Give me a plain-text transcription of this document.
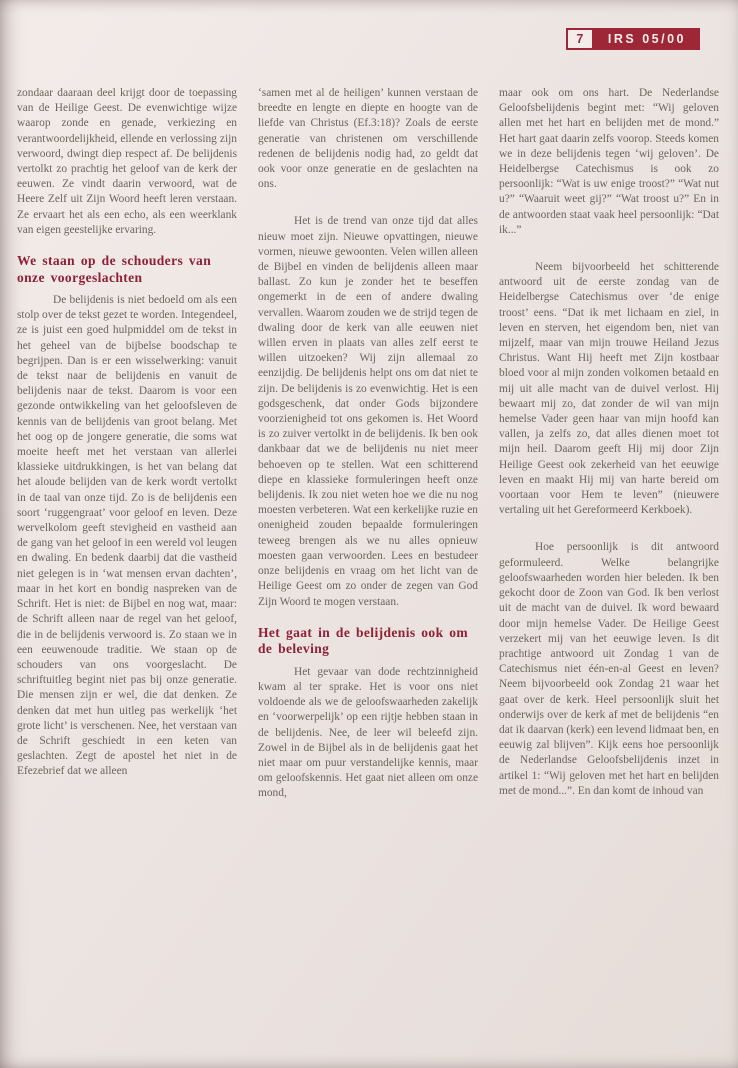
7	IRS 05/00

zondaar daaraan deel krijgt door de toepassing van de Heilige Geest. De evenwichtige wijze waarop zonde en genade, verkiezing en verantwoordelijkheid, ellende en verlossing zijn verwoord, dwingt diep respect af. De belijdenis vertolkt zo prachtig het geloof van de kerk der eeuwen. Ze vindt daarin verwoord, wat de Heere Zelf uit Zijn Woord heeft leren verstaan. Ze ervaart het als een echo, als een weerklank van eigen geestelijke ervaring.

We staan op de schouders van onze voorgeslachten

De belijdenis is niet bedoeld om als een stolp over de tekst gezet te worden. Integendeel, ze is juist een goed hulpmiddel om de tekst in het geheel van de bijbelse boodschap te begrijpen. Dan is er een wisselwerking: vanuit de tekst naar de belijdenis en vanuit de belijdenis naar de tekst. Daarom is voor een gezonde ontwikkeling van het geloofsleven de kennis van de belijdenis van groot belang. Met het oog op de jongere generatie, die soms wat moeite heeft met het verstaan van allerlei klassieke uitdrukkingen, is het van belang dat het aloude belijden van de kerk wordt vertolkt in de taal van onze tijd. Zo is de belijdenis een soort ‘ruggengraat’ voor geloof en leven. Deze wervelkolom geeft stevigheid en vastheid aan de gang van het geloof in een wereld vol leugen en dwaling. En bedenk daarbij dat die vastheid niet gelegen is in ‘wat mensen ervan dachten’, maar in het kort en bondig naspreken van de Schrift. Het is niet: de Bijbel en nog wat, maar: de Schrift alleen naar de regel van het geloof, die in de belijdenis verwoord is. Zo staan we in een eeuwenoude traditie. We staan op de schouders van ons voorgeslacht. De schriftuitleg begint niet pas bij onze generatie. Die mensen zijn er wel, die dat denken. Ze denken dat met hun uitleg pas werkelijk ‘het grote licht’ is verschenen. Nee, het verstaan van de Schrift geschiedt in een keten van geslachten. Zegt de apostel het niet in de Efezebrief dat we alleen

‘samen met al de heiligen’ kunnen verstaan de breedte en lengte en diepte en hoogte van de liefde van Christus (Ef.3:18)? Zoals de eerste generatie van christenen om verschillende redenen de belijdenis nodig had, zo geldt dat ook voor onze generatie en de geslachten na ons.

Het is de trend van onze tijd dat alles nieuw moet zijn. Nieuwe opvattingen, nieuwe vormen, nieuwe gewoonten. Velen willen alleen de Bijbel en vinden de belijdenis alleen maar ballast. Zo kun je zonder het te beseffen ongemerkt in de een of andere dwaling vervallen. Waarom zouden we de strijd tegen de dwaling door de kerk van alle eeuwen niet willen erven in plaats van alles zelf eerst te willen uitzoeken? Wij zijn allemaal zo eenzijdig. De belijdenis helpt ons om dat niet te zijn. De belijdenis is zo evenwichtig. Het is een godsgeschenk, dat onder Gods bijzondere voorzienigheid tot ons gekomen is. Het Woord is zo zuiver vertolkt in de belijdenis. Ik ben ook dankbaar dat we de belijdenis nu niet meer behoeven op te stellen. Wat een schitterend diepe en klassieke formuleringen heeft onze belijdenis. Ik zou niet weten hoe we die nu nog moesten verbeteren. Wat een kerkelijke ruzie en onenigheid zouden bepaalde formuleringen teweeg brengen als we nu alles opnieuw moesten gaan verwoorden. Lees en bestudeer onze belijdenis en vraag om het licht van de Heilige Geest om zo onder de zegen van God Zijn Woord te mogen verstaan.

Het gaat in de belijdenis ook om de beleving

Het gevaar van dode rechtzinnigheid kwam al ter sprake. Het is voor ons niet voldoende als we de geloofswaarheden zakelijk en ‘voorwerpelijk’ op een rijtje hebben staan in de belijdenis. Nee, de leer wil beleefd zijn. Zowel in de Bijbel als in de belijdenis gaat het niet maar om puur verstandelijke kennis, maar om geloofskennis. Het gaat niet alleen om onze mond,

maar ook om ons hart. De Nederlandse Geloofsbelijdenis begint met: “Wij geloven allen met het hart en belijden met de mond.” Het hart gaat daarin zelfs voorop. Steeds komen we in deze belijdenis tegen ‘wij geloven’. De Heidelbergse Catechismus is ook zo persoonlijk: “Wat is uw enige troost?” “Wat nut u?” “Waaruit weet gij?” “Wat troost u?” En in de antwoorden staat vaak heel persoonlijk: “Dat ik...”

Neem bijvoorbeeld het schitterende antwoord uit de eerste zondag van de Heidelbergse Catechismus over ‘de enige troost’ eens. “Dat ik met lichaam en ziel, in leven en sterven, het eigendom ben, niet van mijzelf, maar van mijn trouwe Heiland Jezus Christus. Want Hij heeft met Zijn kostbaar bloed voor al mijn zonden volkomen betaald en mij uit alle macht van de duivel verlost. Hij bewaart mij zo, dat zonder de wil van mijn hemelse Vader geen haar van mijn hoofd kan vallen, ja zelfs zo, dat alles dienen moet tot mijn heil. Daarom geeft Hij mij door Zijn Heilige Geest ook zekerheid van het eeuwige leven en maakt Hij mij van harte bereid om voortaan voor Hem te leven” (nieuwere vertaling uit het Gereformeerd Kerkboek).

Hoe persoonlijk is dit antwoord geformuleerd. Welke belangrijke geloofswaarheden worden hier beleden. Ik ben gekocht door de Zoon van God. Ik ben verlost uit de macht van de duivel. Ik word bewaard door mijn hemelse Vader. De Heilige Geest verzekert mij van het eeuwige leven. Is dit prachtige antwoord uit Zondag 1 van de Catechismus niet één-en-al Geest en leven? Neem bijvoorbeeld ook Zondag 21 waar het gaat over de kerk. Heel persoonlijk sluit het onderwijs over de kerk af met de belijdenis “en dat ik daarvan (kerk) een levend lidmaat ben, en eeuwig zal blijven”. Kijk eens hoe persoonlijk de Nederlandse Geloofsbelijdenis inzet in artikel 1: “Wij geloven met het hart en belijden met de mond...”. En dan komt de inhoud van
